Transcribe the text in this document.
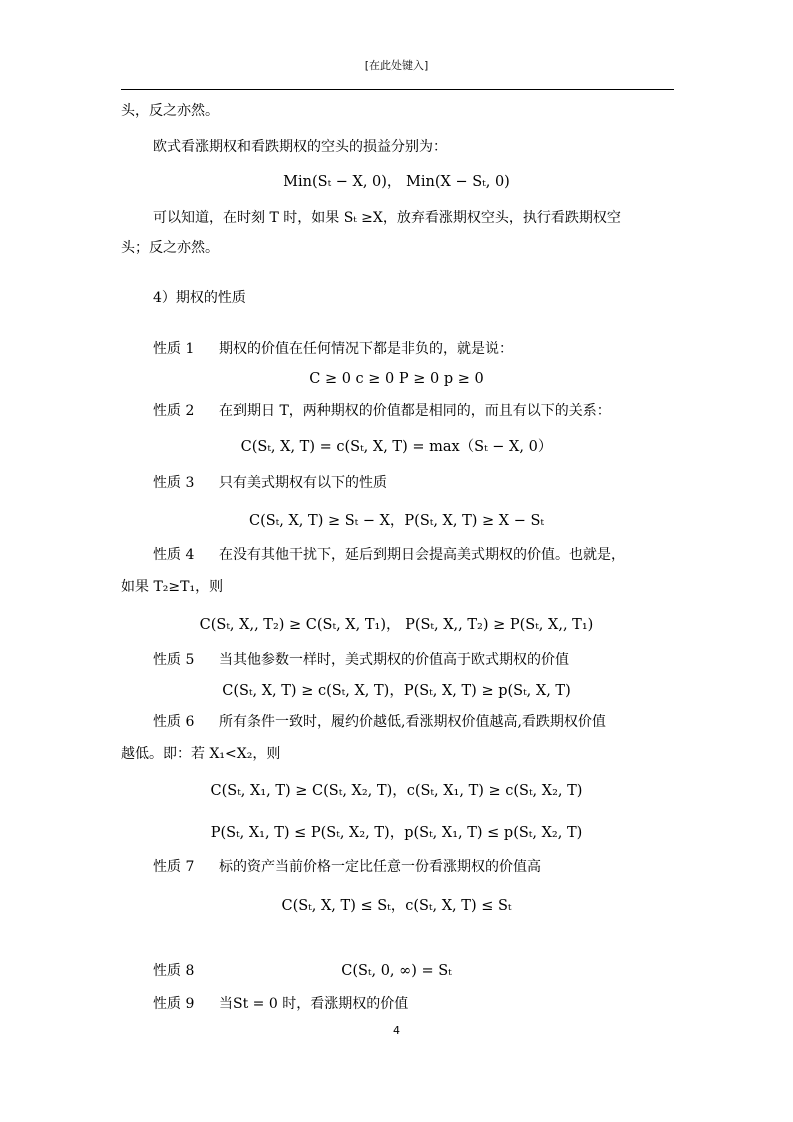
[在此处键入]
头，反之亦然。
欧式看涨期权和看跌期权的空头的损益分别为：
Min(Sₜ − X, 0)， Min(X − Sₜ, 0)
可以知道，在时刻 T 时，如果 Sₜ ≥X，放弃看涨期权空头，执行看跌期权空
头；反之亦然。
4）期权的性质
性质 1 期权的价值在任何情况下都是非负的，就是说：
C ≥ 0 c ≥ 0 P ≥ 0 p ≥ 0
性质 2 在到期日 T，两种期权的价值都是相同的，而且有以下的关系：
C(Sₜ, X, T) = c(Sₜ, X, T) = max（Sₜ − X, 0）
性质 3 只有美式期权有以下的性质
C(Sₜ, X, T) ≥ Sₜ − X，P(Sₜ, X, T) ≥ X − Sₜ
性质 4 在没有其他干扰下，延后到期日会提高美式期权的价值。也就是，
如果 T₂≥T₁，则
C(Sₜ, X,, T₂) ≥ C(Sₜ, X, T₁)， P(Sₜ, X,, T₂) ≥ P(Sₜ, X,, T₁)
性质 5 当其他参数一样时，美式期权的价值高于欧式期权的价值
C(Sₜ, X, T) ≥ c(Sₜ, X, T)，P(Sₜ, X, T) ≥ p(Sₜ, X, T)
性质 6 所有条件一致时，履约价越低,看涨期权价值越高,看跌期权价值
越低。即：若 X₁<X₂，则
C(Sₜ, X₁, T) ≥ C(Sₜ, X₂, T)，c(Sₜ, X₁, T) ≥ c(Sₜ, X₂, T)
P(Sₜ, X₁, T) ≤ P(Sₜ, X₂, T)，p(Sₜ, X₁, T) ≤ p(Sₜ, X₂, T)
性质 7 标的资产当前价格一定比任意一份看涨期权的价值高
C(Sₜ, X, T) ≤ Sₜ，c(Sₜ, X, T) ≤ Sₜ
性质 8	C(Sₜ, 0, ∞) = Sₜ
性质 9 当St = 0 时，看涨期权的价值
4
